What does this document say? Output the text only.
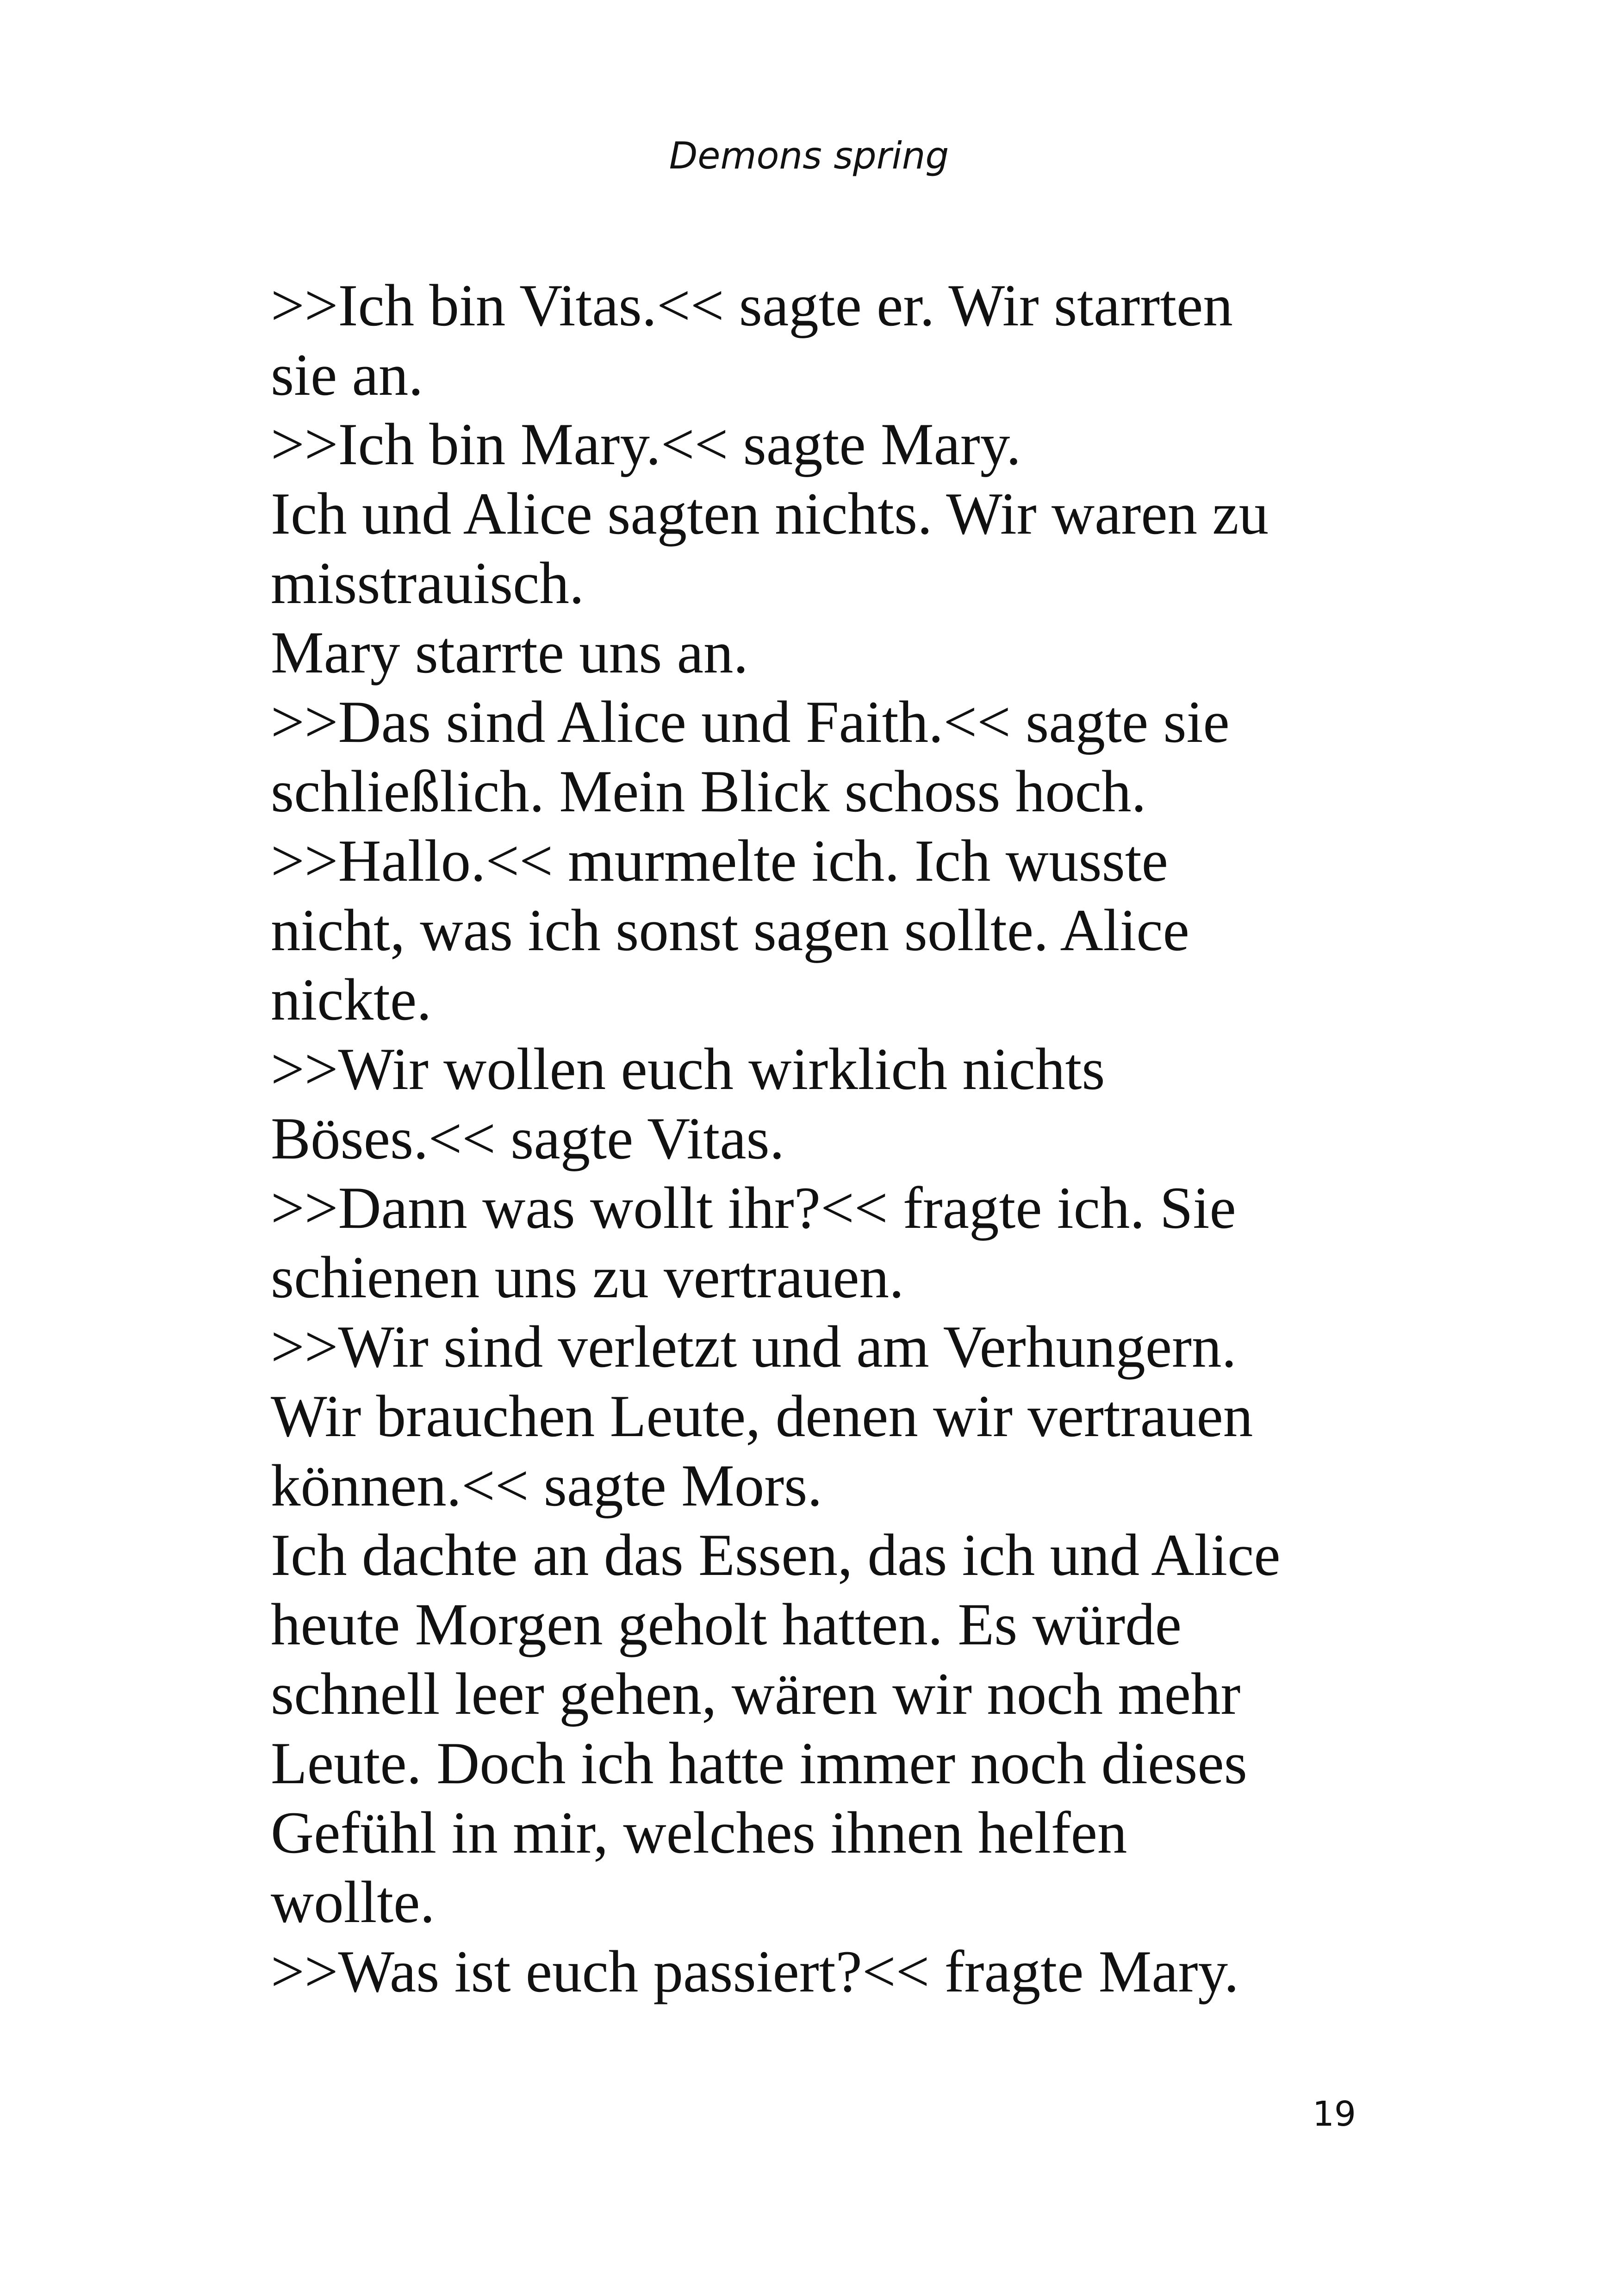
Demons spring
>>Ich bin Vitas.<< sagte er. Wir starrten
sie an.
>>Ich bin Mary.<< sagte Mary.
Ich und Alice sagten nichts. Wir waren zu
misstrauisch.
Mary starrte uns an.
>>Das sind Alice und Faith.<< sagte sie
schließlich. Mein Blick schoss hoch.
>>Hallo.<< murmelte ich. Ich wusste
nicht, was ich sonst sagen sollte. Alice
nickte.
>>Wir wollen euch wirklich nichts
Böses.<< sagte Vitas.
>>Dann was wollt ihr?<< fragte ich. Sie
schienen uns zu vertrauen.
>>Wir sind verletzt und am Verhungern.
Wir brauchen Leute, denen wir vertrauen
können.<< sagte Mors.
Ich dachte an das Essen, das ich und Alice
heute Morgen geholt hatten. Es würde
schnell leer gehen, wären wir noch mehr
Leute. Doch ich hatte immer noch dieses
Gefühl in mir, welches ihnen helfen
wollte.
>>Was ist euch passiert?<< fragte Mary.
19
